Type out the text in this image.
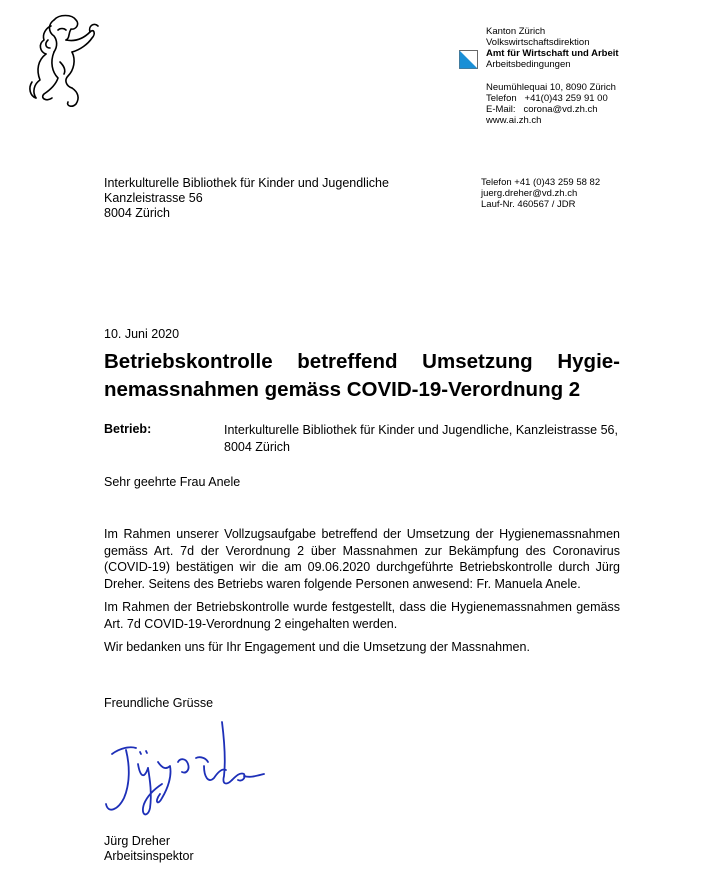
Kanton Zürich
Volkswirtschaftsdirektion
Amt für Wirtschaft und Arbeit
Arbeitsbedingungen
Neumühlequai 10, 8090 Zürich
Telefon   +41(0)43 259 91 00
E-Mail:   corona@vd.zh.ch
www.ai.zh.ch
Interkulturelle Bibliothek für Kinder und Jugendliche
Kanzleistrasse 56
8004 Zürich
Telefon +41 (0)43 259 58 82
juerg.dreher@vd.zh.ch
Lauf-Nr. 460567 / JDR
10. Juni 2020
Betriebskontrolle betreffend Umsetzung Hygie-
nemassnahmen gemäss COVID-19-Verordnung 2
Betrieb:	Interkulturelle Bibliothek für Kinder und Jugendliche, Kanzleistrasse 56, 8004 Zürich
Sehr geehrte Frau Anele

Im Rahmen unserer Vollzugsaufgabe betreffend der Umsetzung der Hygienemassnahmen gemäss Art. 7d der Verordnung 2 über Massnahmen zur Bekämpfung des Coronavirus (COVID-19) bestätigen wir die am 09.06.2020 durchgeführte Betriebskontrolle durch Jürg Dreher. Seitens des Betriebs waren folgende Personen anwesend: Fr. Manuela Anele.

Im Rahmen der Betriebskontrolle wurde festgestellt, dass die Hygienemassnahmen gemäss Art. 7d COVID-19-Verordnung 2 eingehalten werden.

Wir bedanken uns für Ihr Engagement und die Umsetzung der Massnahmen.

Freundliche Grüsse
Jürg Dreher
Arbeitsinspektor
